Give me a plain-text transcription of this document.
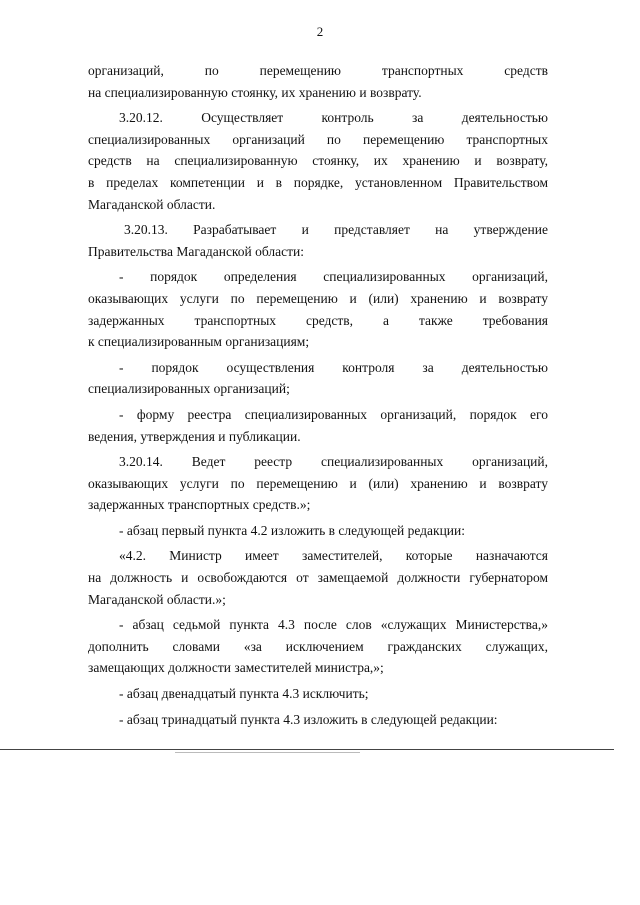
2
организаций, по перемещению транспортных средств
на специализированную стоянку, их хранению и возврату.
3.20.12. Осуществляет контроль за деятельностью
специализированных организаций по перемещению транспортных
средств на специализированную стоянку, их хранению и возврату,
в пределах компетенции и в порядке, установленном Правительством
Магаданской области.
3.20.13. Разрабатывает и представляет на утверждение
Правительства Магаданской области:
- порядок определения специализированных организаций,
оказывающих услуги по перемещению и (или) хранению и возврату
задержанных транспортных средств, а также требования
к специализированным организациям;
- порядок осуществления контроля за деятельностью
специализированных организаций;
- форму реестра специализированных организаций, порядок его
ведения, утверждения и публикации.
3.20.14. Ведет реестр специализированных организаций,
оказывающих услуги по перемещению и (или) хранению и возврату
задержанных транспортных средств.»;
- абзац первый пункта 4.2 изложить в следующей редакции:
«4.2. Министр имеет заместителей, которые назначаются
на должность и освобождаются от замещаемой должности губернатором
Магаданской области.»;
- абзац седьмой пункта 4.3 после слов «служащих Министерства,»
дополнить словами «за исключением гражданских служащих,
замещающих должности заместителей министра,»;
- абзац двенадцатый пункта 4.3 исключить;
- абзац тринадцатый пункта 4.3 изложить в следующей редакции:
